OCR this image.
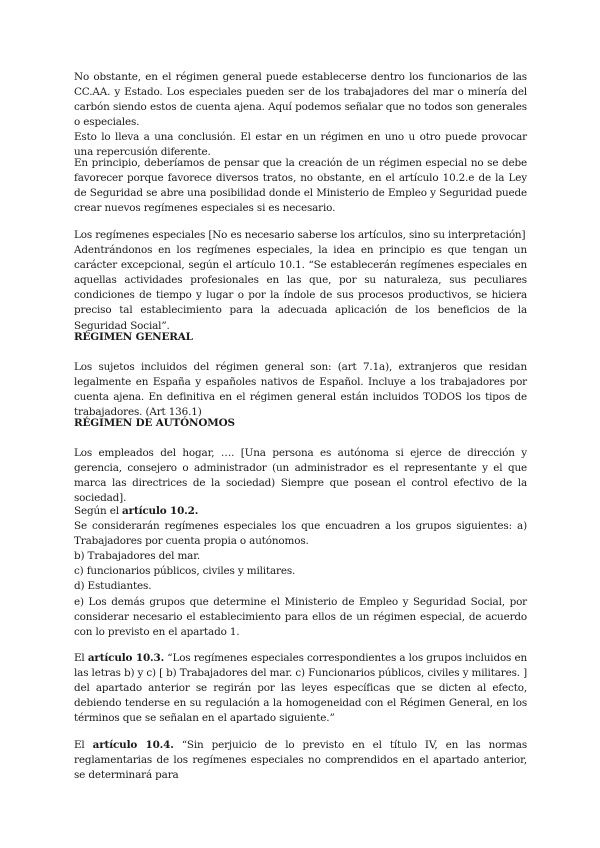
No obstante, en el régimen general puede establecerse dentro los funcionarios de las CC.AA. y Estado. Los especiales pueden ser de los trabajadores del mar o minería del carbón siendo estos de cuenta ajena. Aquí podemos señalar que no todos son generales o especiales.

Esto lo lleva a una conclusión. El estar en un régimen en uno u otro puede provocar una repercusión diferente.

En principio, deberíamos de pensar que la creación de un régimen especial no se debe favorecer porque favorece diversos tratos, no obstante, en el artículo 10.2.e de la Ley de Seguridad se abre una posibilidad donde el Ministerio de Empleo y Seguridad puede crear nuevos regímenes especiales si es necesario.

Los regímenes especiales [No es necesario saberse los artículos, sino su interpretación]

Adentrándonos en los regímenes especiales, la idea en principio es que tengan un carácter excepcional, según el artículo 10.1. “Se establecerán regímenes especiales en aquellas actividades profesionales en las que, por su naturaleza, sus peculiares condiciones de tiempo y lugar o por la índole de sus procesos productivos, se hiciera preciso tal establecimiento para la adecuada aplicación de los beneficios de la Seguridad Social”.

RÉGIMEN GENERAL

Los sujetos incluidos del régimen general son: (art 7.1a), extranjeros que residan legalmente en España y españoles nativos de Español. Incluye a los trabajadores por cuenta ajena. En definitiva en el régimen general están incluidos TODOS los tipos de trabajadores. (Art 136.1)

RÉGIMEN DE AUTÓNOMOS

Los empleados del hogar, …. [Una persona es autónoma si ejerce de dirección y gerencia, consejero o administrador (un administrador es el representante y el que marca las directrices de la sociedad) Siempre que posean el control efectivo de la sociedad].

Según el artículo 10.2.

Se considerarán regímenes especiales los que encuadren a los grupos siguientes: a) Trabajadores por cuenta propia o autónomos.

b) Trabajadores del mar.

c) funcionarios públicos, civiles y militares.

d) Estudiantes.

e) Los demás grupos que determine el Ministerio de Empleo y Seguridad Social, por considerar necesario el establecimiento para ellos de un régimen especial, de acuerdo con lo previsto en el apartado 1.

El artículo 10.3. “Los regímenes especiales correspondientes a los grupos incluidos en las letras b) y c) [ b) Trabajadores del mar. c) Funcionarios públicos, civiles y militares. ] del apartado anterior se regirán por las leyes específicas que se dicten al efecto, debiendo tenderse en su regulación a la homogeneidad con el Régimen General, en los términos que se señalan en el apartado siguiente.”

El artículo 10.4. “Sin perjuicio de lo previsto en el título IV, en las normas reglamentarias de los regímenes especiales no comprendidos en el apartado anterior, se determinará para
